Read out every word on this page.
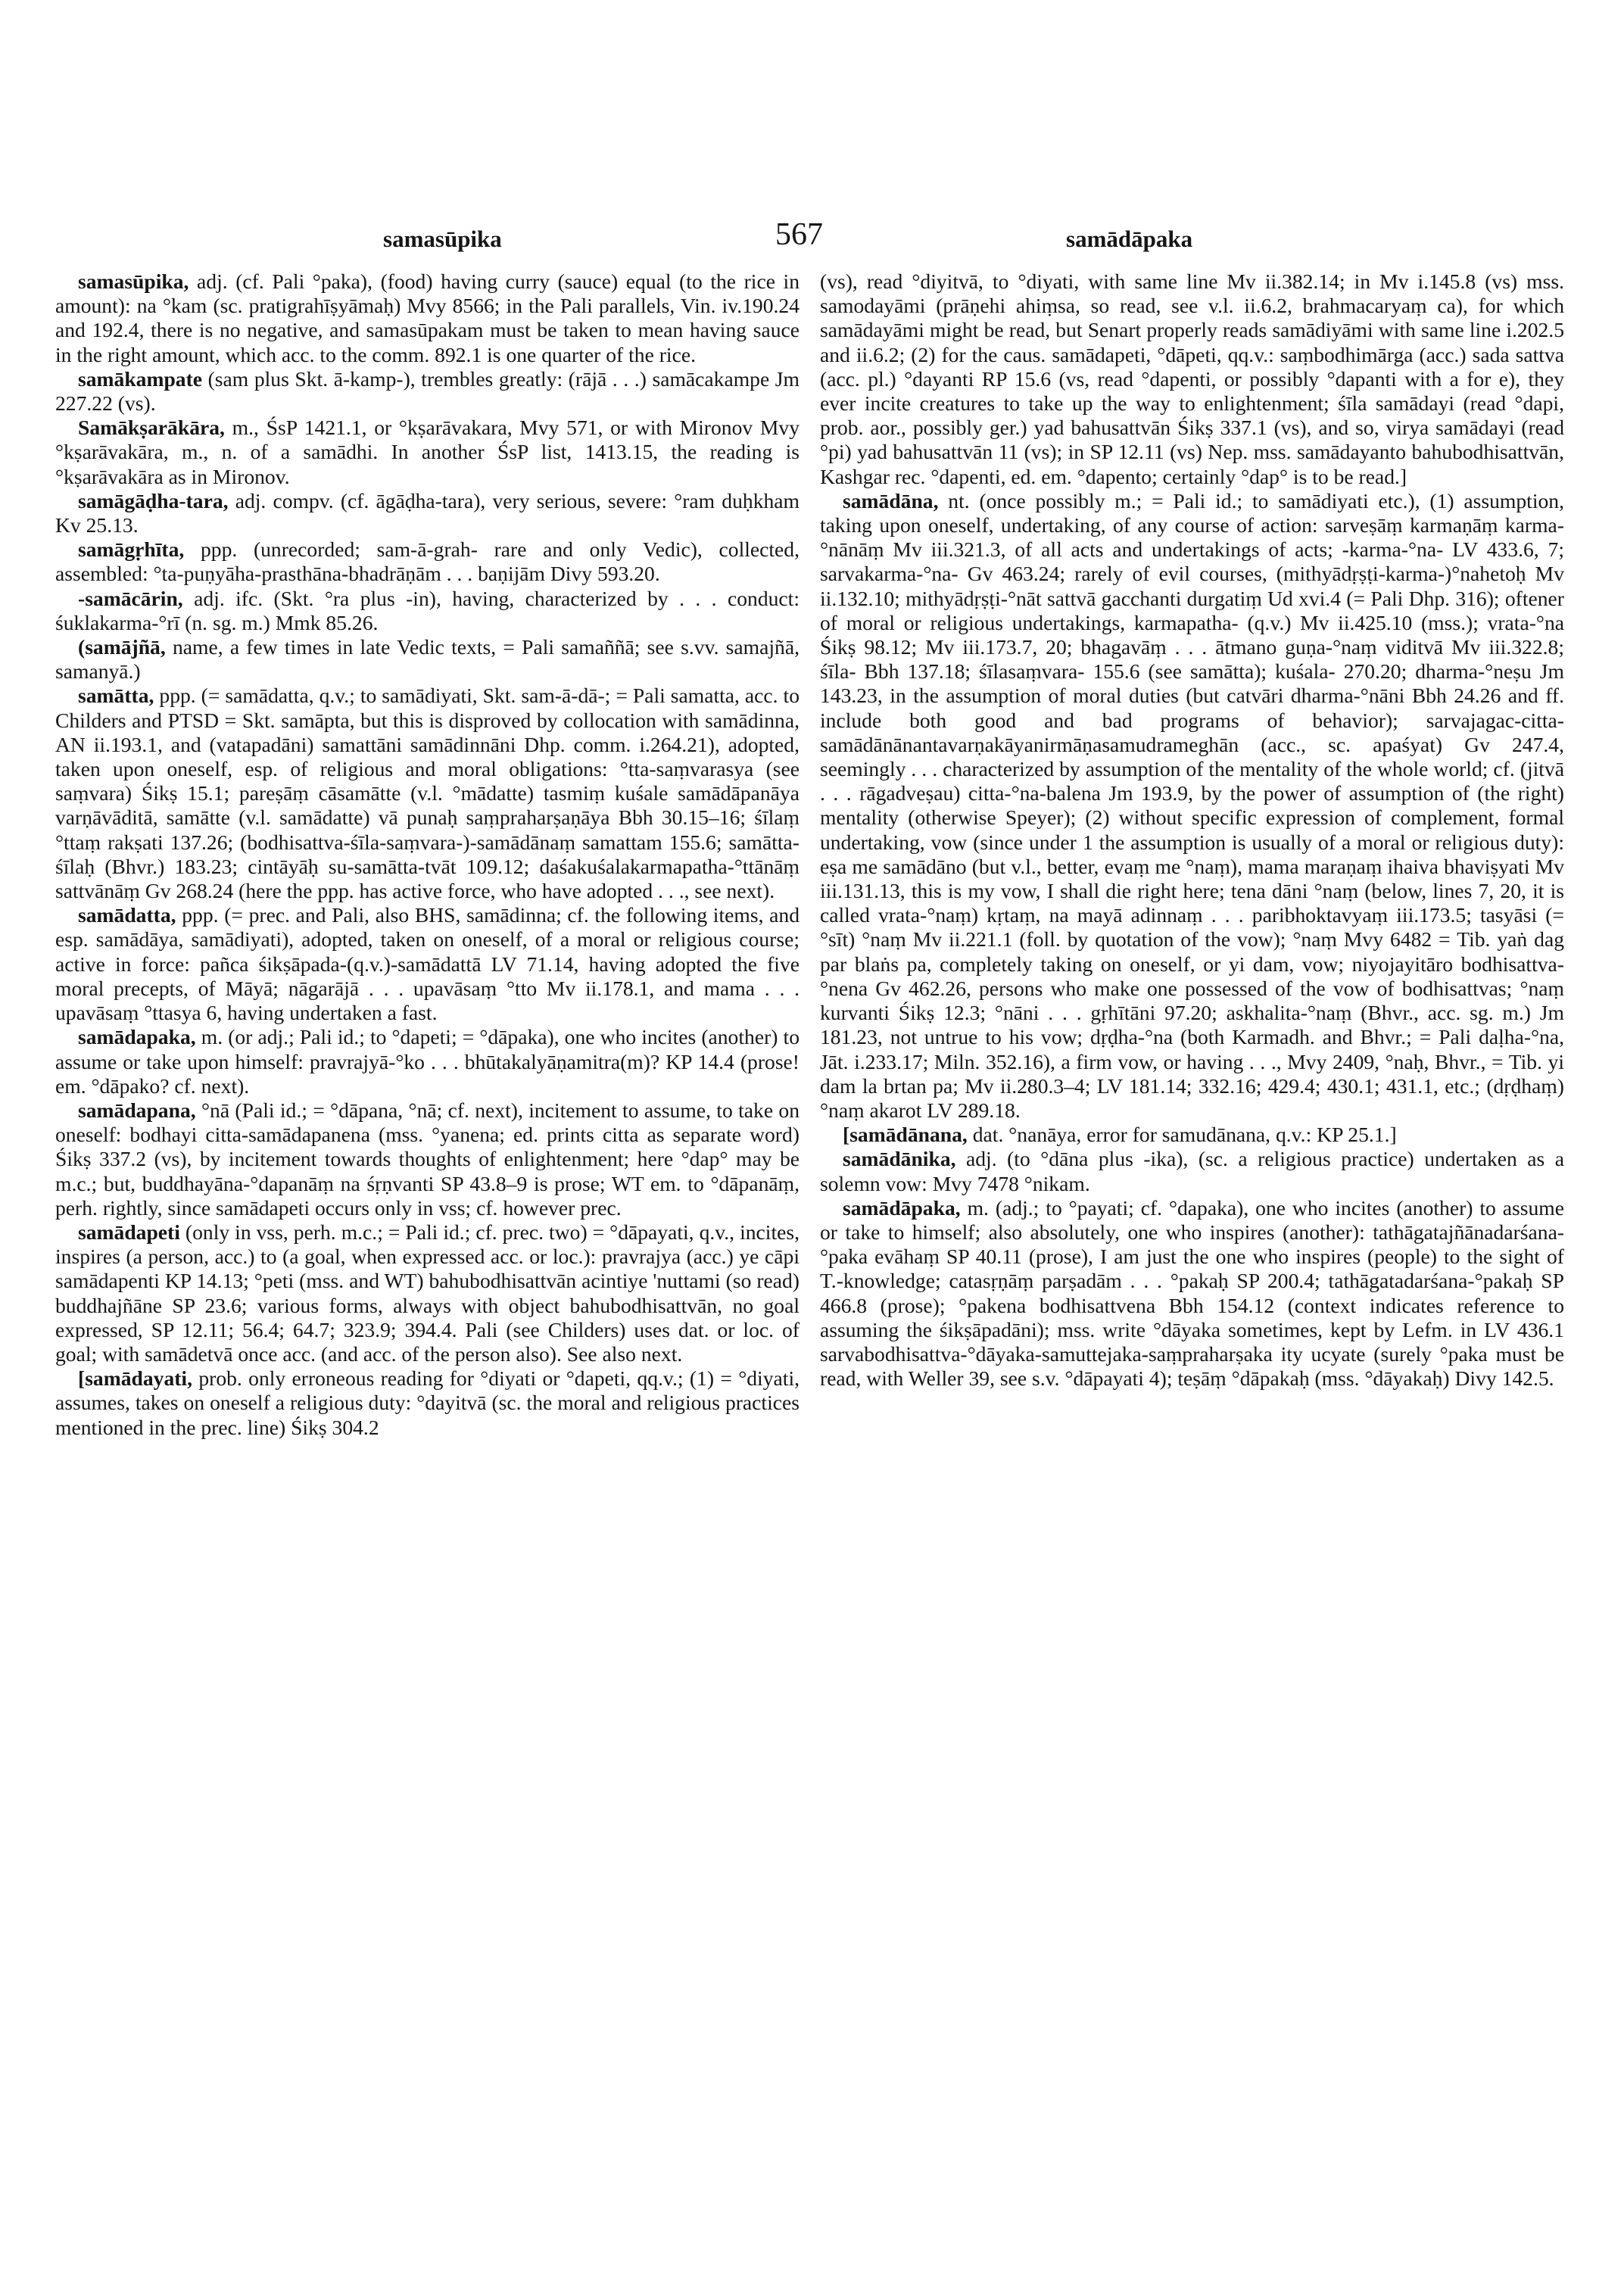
samasūpika	567	samādāpaka

samasūpika, adj. (cf. Pali °paka), (food) having curry (sauce) equal (to the rice in amount): na °kam (sc. pratigrahīṣyāmaḥ) Mvy 8566; in the Pali parallels, Vin. iv.190.24 and 192.4, there is no negative, and samasūpakam must be taken to mean having sauce in the right amount, which acc. to the comm. 892.1 is one quarter of the rice.

samākampate (sam plus Skt. ā-kamp-), trembles greatly: (rājā . . .) samācakampe Jm 227.22 (vs).

Samākṣarākāra, m., ŚsP 1421.1, or °kṣarāvakara, Mvy 571, or with Mironov Mvy °kṣarāvakāra, m., n. of a samādhi. In another ŚsP list, 1413.15, the reading is °kṣarāvakāra as in Mironov.

samāgāḍha-tara, adj. compv. (cf. āgāḍha-tara), very serious, severe: °ram duḥkham Kv 25.13.

samāgṛhīta, ppp. (unrecorded; sam-ā-grah- rare and only Vedic), collected, assembled: °ta-puṇyāha-prasthāna-bhadrāṇām . . . baṇijām Divy 593.20.

-samācārin, adj. ifc. (Skt. °ra plus -in), having, characterized by . . . conduct: śuklakarma-°rī (n. sg. m.) Mmk 85.26.

(samājñā, name, a few times in late Vedic texts, = Pali samaññā; see s.vv. samajñā, samanyā.)

samātta, ppp. (= samādatta, q.v.; to samādiyati, Skt. sam-ā-dā-; = Pali samatta, acc. to Childers and PTSD = Skt. samāpta, but this is disproved by collocation with samādinna, AN ii.193.1, and (vatapadāni) samattāni samādinnāni Dhp. comm. i.264.21), adopted, taken upon oneself, esp. of religious and moral obligations: °tta-saṃvarasya (see saṃvara) Śikṣ 15.1; pareṣāṃ cāsamātte (v.l. °mādatte) tasmiṃ kuśale samādāpanāya varṇāvāditā, samātte (v.l. samādatte) vā punaḥ saṃpraharṣaṇāya Bbh 30.15–16; śīlaṃ °ttaṃ rakṣati 137.26; (bodhisattva-śīla-saṃvara-)-samādānaṃ samattam 155.6; samātta-śīlaḥ (Bhvr.) 183.23; cintāyāḥ su-samātta-tvāt 109.12; daśakuśalakarmapatha-°ttānāṃ sattvānāṃ Gv 268.24 (here the ppp. has active force, who have adopted . . ., see next).

samādatta, ppp. (= prec. and Pali, also BHS, samādinna; cf. the following items, and esp. samādāya, samādiyati), adopted, taken on oneself, of a moral or religious course; active in force: pañca śikṣāpada-(q.v.)-samādattā LV 71.14, having adopted the five moral precepts, of Māyā; nāgarājā . . . upavāsaṃ °tto Mv ii.178.1, and mama . . . upavāsaṃ °ttasya 6, having undertaken a fast.

samādapaka, m. (or adj.; Pali id.; to °dapeti; = °dāpaka), one who incites (another) to assume or take upon himself: pravrajyā-°ko . . . bhūtakalyāṇamitra(m)? KP 14.4 (prose! em. °dāpako? cf. next).

samādapana, °nā (Pali id.; = °dāpana, °nā; cf. next), incitement to assume, to take on oneself: bodhayi citta-samādapanena (mss. °yanena; ed. prints citta as separate word) Śikṣ 337.2 (vs), by incitement towards thoughts of enlightenment; here °dap° may be m.c.; but, buddhayāna-°dapanāṃ na śṛṇvanti SP 43.8–9 is prose; WT em. to °dāpanāṃ, perh. rightly, since samādapeti occurs only in vss; cf. however prec.

samādapeti (only in vss, perh. m.c.; = Pali id.; cf. prec. two) = °dāpayati, q.v., incites, inspires (a person, acc.) to (a goal, when expressed acc. or loc.): pravrajya (acc.) ye cāpi samādapenti KP 14.13; °peti (mss. and WT) bahubodhisattvān acintiye 'nuttami (so read) buddhajñāne SP 23.6; various forms, always with object bahubodhisattvān, no goal expressed, SP 12.11; 56.4; 64.7; 323.9; 394.4. Pali (see Childers) uses dat. or loc. of goal; with samādetvā once acc. (and acc. of the person also). See also next.

[samādayati, prob. only erroneous reading for °diyati or °dapeti, qq.v.; (1) = °diyati, assumes, takes on oneself a religious duty: °dayitvā (sc. the moral and religious practices mentioned in the prec. line) Śikṣ 304.2

(vs), read °diyitvā, to °diyati, with same line Mv ii.382.14; in Mv i.145.8 (vs) mss. samodayāmi (prāṇehi ahiṃsa, so read, see v.l. ii.6.2, brahmacaryaṃ ca), for which samādayāmi might be read, but Senart properly reads samādiyāmi with same line i.202.5 and ii.6.2; (2) for the caus. samādapeti, °dāpeti, qq.v.: saṃbodhimārga (acc.) sada sattva (acc. pl.) °dayanti RP 15.6 (vs, read °dapenti, or possibly °dapanti with a for e), they ever incite creatures to take up the way to enlightenment; śīla samādayi (read °dapi, prob. aor., possibly ger.) yad bahusattvān Śikṣ 337.1 (vs), and so, virya samādayi (read °pi) yad bahusattvān 11 (vs); in SP 12.11 (vs) Nep. mss. samādayanto bahubodhisattvān, Kashgar rec. °dapenti, ed. em. °dapento; certainly °dap° is to be read.]

samādāna, nt. (once possibly m.; = Pali id.; to samādiyati etc.), (1) assumption, taking upon oneself, undertaking, of any course of action: sarveṣāṃ karmaṇāṃ karma-°nānāṃ Mv iii.321.3, of all acts and undertakings of acts; -karma-°na- LV 433.6, 7; sarvakarma-°na- Gv 463.24; rarely of evil courses, (mithyādṛṣṭi-karma-)°nahetoḥ Mv ii.132.10; mithyādṛṣṭi-°nāt sattvā gacchanti durgatiṃ Ud xvi.4 (= Pali Dhp. 316); oftener of moral or religious undertakings, karmapatha- (q.v.) Mv ii.425.10 (mss.); vrata-°na Śikṣ 98.12; Mv iii.173.7, 20; bhagavāṃ . . . ātmano guṇa-°naṃ viditvā Mv iii.322.8; śīla- Bbh 137.18; śīlasaṃvara- 155.6 (see samātta); kuśala- 270.20; dharma-°neṣu Jm 143.23, in the assumption of moral duties (but catvāri dharma-°nāni Bbh 24.26 and ff. include both good and bad programs of behavior); sarvajagac-citta-samādānānantavarṇakāyanirmāṇasamudrameghān (acc., sc. apaśyat) Gv 247.4, seemingly . . . characterized by assumption of the mentality of the whole world; cf. (jitvā . . . rāgadveṣau) citta-°na-balena Jm 193.9, by the power of assumption of (the right) mentality (otherwise Speyer); (2) without specific expression of complement, formal undertaking, vow (since under 1 the assumption is usually of a moral or religious duty): eṣa me samādāno (but v.l., better, evaṃ me °naṃ), mama maraṇaṃ ihaiva bhaviṣyati Mv iii.131.13, this is my vow, I shall die right here; tena dāni °naṃ (below, lines 7, 20, it is called vrata-°naṃ) kṛtaṃ, na mayā adinnaṃ . . . paribhoktavyaṃ iii.173.5; tasyāsi (= °sīt) °naṃ Mv ii.221.1 (foll. by quotation of the vow); °naṃ Mvy 6482 = Tib. yaṅ dag par blaṅs pa, completely taking on oneself, or yi dam, vow; niyojayitāro bodhisattva-°nena Gv 462.26, persons who make one possessed of the vow of bodhisattvas; °naṃ kurvanti Śikṣ 12.3; °nāni . . . gṛhītāni 97.20; askhalita-°naṃ (Bhvr., acc. sg. m.) Jm 181.23, not untrue to his vow; dṛḍha-°na (both Karmadh. and Bhvr.; = Pali daḷha-°na, Jāt. i.233.17; Miln. 352.16), a firm vow, or having . . ., Mvy 2409, °naḥ, Bhvr., = Tib. yi dam la brtan pa; Mv ii.280.3–4; LV 181.14; 332.16; 429.4; 430.1; 431.1, etc.; (dṛḍhaṃ) °naṃ akarot LV 289.18.

[samādānana, dat. °nanāya, error for samudānana, q.v.: KP 25.1.]

samādānika, adj. (to °dāna plus -ika), (sc. a religious practice) undertaken as a solemn vow: Mvy 7478 °nikam.

samādāpaka, m. (adj.; to °payati; cf. °dapaka), one who incites (another) to assume or take to himself; also absolutely, one who inspires (another): tathāgatajñānadarśana-°paka evāhaṃ SP 40.11 (prose), I am just the one who inspires (people) to the sight of T.-knowledge; catasṛṇāṃ parṣadām . . . °pakaḥ SP 200.4; tathāgatadarśana-°pakaḥ SP 466.8 (prose); °pakena bodhisattvena Bbh 154.12 (context indicates reference to assuming the śikṣāpadāni); mss. write °dāyaka sometimes, kept by Lefm. in LV 436.1 sarvabodhisattva-°dāyaka-samuttejaka-saṃpraharṣaka ity ucyate (surely °paka must be read, with Weller 39, see s.v. °dāpayati 4); teṣāṃ °dāpakaḥ (mss. °dāyakaḥ) Divy 142.5.
